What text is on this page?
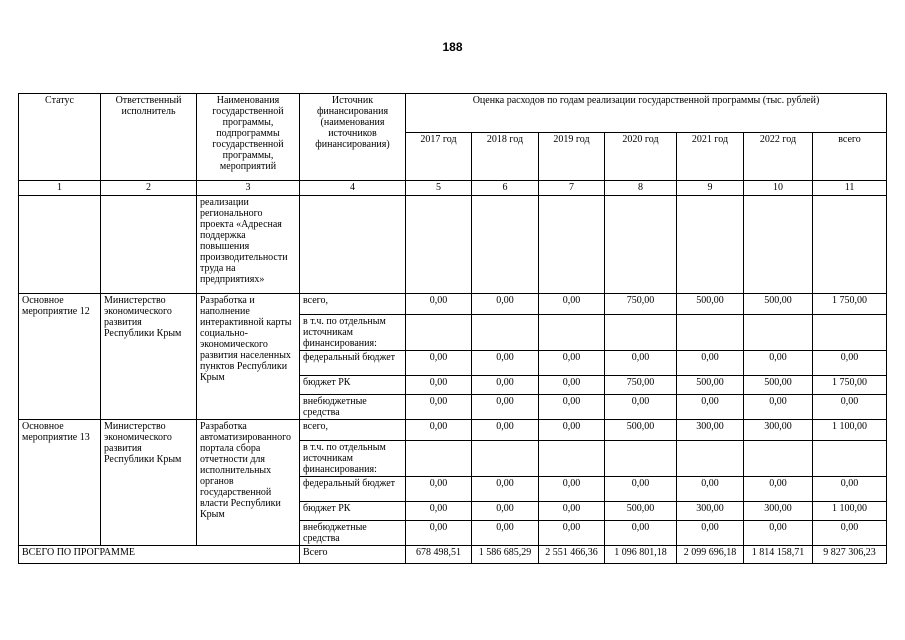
188
Статус	Ответственный исполнитель	Наименования государственной программы, подпрограммы государственной программы, мероприятий	Источник финансирования (наименования источников финансирования)	Оценка расходов по годам реализации государственной программы (тыс. рублей)						
				2017 год	2018 год	2019 год	2020 год	2021 год	2022 год	всего
1	2	3	4	5	6	7	8	9	10	11
		реализации регионального проекта «Адресная поддержка повышения производительности труда на предприятиях»								
Основное мероприятие 12	Министерство экономического развития Республики Крым	Разработка и наполнение интерактивной карты социально-экономического развития населенных пунктов Республики Крым	всего,	0,00	0,00	0,00	750,00	500,00	500,00	1 750,00
			в т.ч. по отдельным источникам финансирования:							
			федеральный бюджет	0,00	0,00	0,00	0,00	0,00	0,00	0,00
			бюджет РК	0,00	0,00	0,00	750,00	500,00	500,00	1 750,00
			внебюджетные средства	0,00	0,00	0,00	0,00	0,00	0,00	0,00
Основное мероприятие 13	Министерство экономического развития Республики Крым	Разработка автоматизированного портала сбора отчетности для исполнительных органов государственной власти Республики Крым	всего,	0,00	0,00	0,00	500,00	300,00	300,00	1 100,00
			в т.ч. по отдельным источникам финансирования:							
			федеральный бюджет	0,00	0,00	0,00	0,00	0,00	0,00	0,00
			бюджет РК	0,00	0,00	0,00	500,00	300,00	300,00	1 100,00
			внебюджетные средства	0,00	0,00	0,00	0,00	0,00	0,00	0,00
ВСЕГО ПО ПРОГРАММЕ			Всего	678 498,51	1 586 685,29	2 551 466,36	1 096 801,18	2 099 696,18	1 814 158,71	9 827 306,23
